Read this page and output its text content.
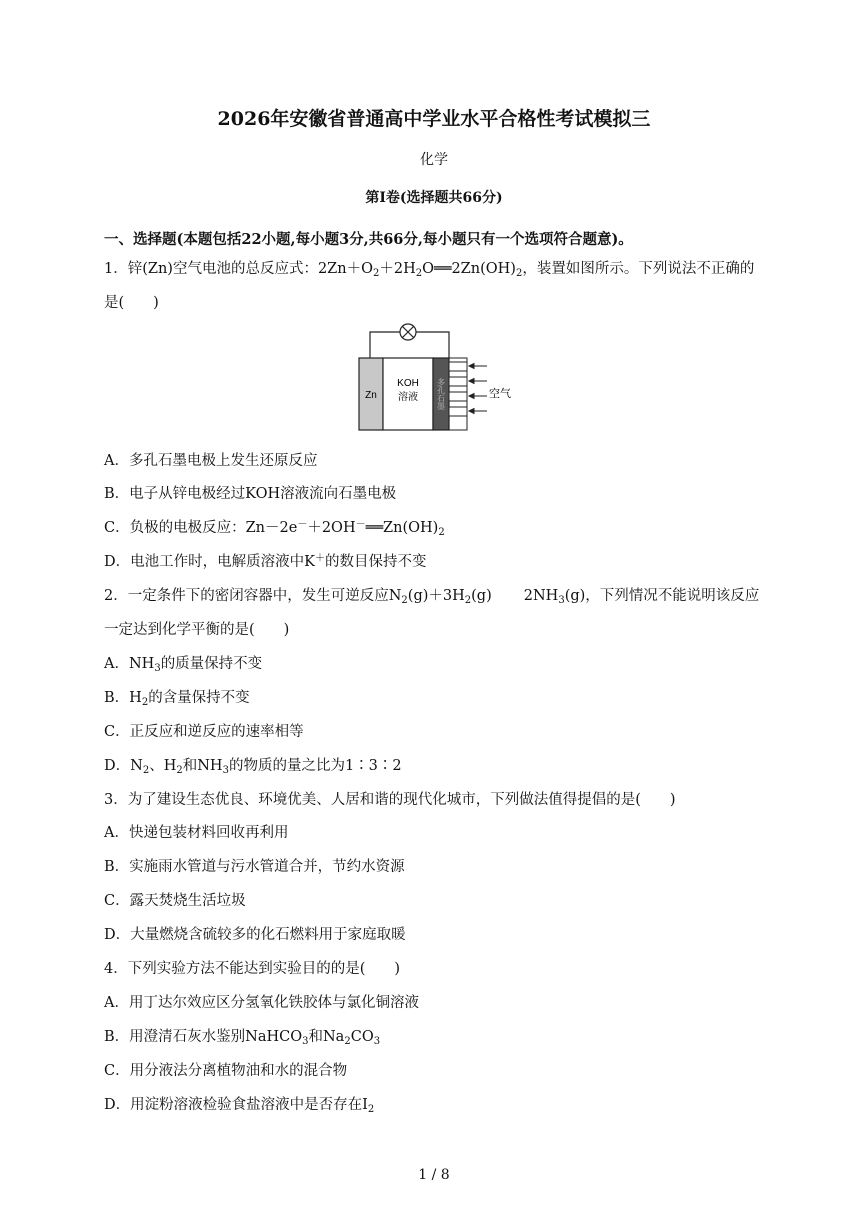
2026年安徽省普通高中学业水平合格性考试模拟三
化学
第Ⅰ卷(选择题共66分)
一、选择题(本题包括22小题,每小题3分,共66分,每小题只有一个选项符合题意)。
1．锌(Zn)空气电池的总反应式：$2Zn+O_2+2H_2O══2Zn(OH)_2$，装置如图所示。下列说法不正确的
是(　　)
Zn
KOH
溶液 多孔石墨	空气
A．多孔石墨电极上发生还原反应
B．电子从锌电极经过KOH溶液流向石墨电极
C．负极的电极反应：$Zn-2e^-+2OH^-══Zn(OH)_2$
D．电池工作时，电解质溶液中K＋的数目保持不变
2．一定条件下的密闭容器中，发生可逆反应$N_2(g)+3H_2(g)$ $2NH_3(g)$，下列情况不能说明该反应
一定达到化学平衡的是(　　)
A．$NH_3$的质量保持不变
B．$H_2$的含量保持不变
C．正反应和逆反应的速率相等
D．$N_2$、$H_2$和$NH_3$的物质的量之比为1∶3∶2
3．为了建设生态优良、环境优美、人居和谐的现代化城市，下列做法值得提倡的是(　　)
A．快递包装材料回收再利用
B．实施雨水管道与污水管道合并，节约水资源
C．露天焚烧生活垃圾
D．大量燃烧含硫较多的化石燃料用于家庭取暖
4．下列实验方法不能达到实验目的的是(　　)
A．用丁达尔效应区分氢氧化铁胶体与氯化铜溶液
B．用澄清石灰水鉴别NaHCO$_3$和$Na_2CO_3$
C．用分液法分离植物油和水的混合物
D．用淀粉溶液检验食盐溶液中是否存在$I_2$
1 / 8
